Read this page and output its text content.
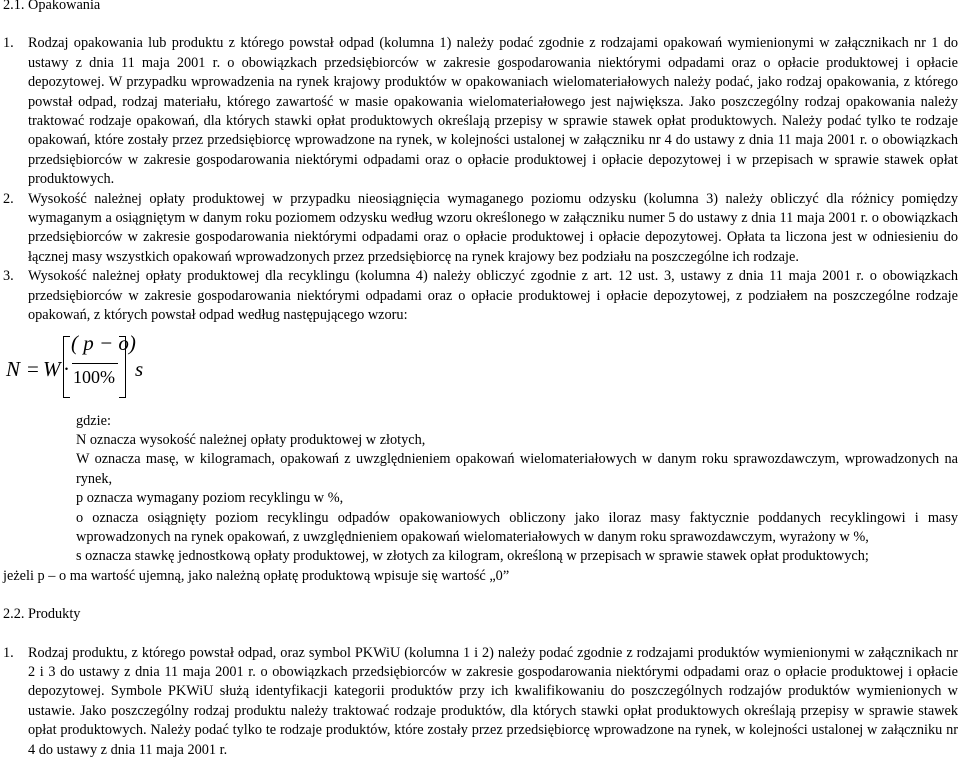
2.1. Opakowania
1. Rodzaj opakowania lub produktu z którego powstał odpad (kolumna 1) należy podać zgodnie z rodzajami opakowań wymienionymi w załącznikach nr 1 do ustawy z dnia 11 maja 2001 r. o obowiązkach przedsiębiorców w zakresie gospodarowania niektórymi odpadami oraz o opłacie produktowej i opłacie depozytowej. W przypadku wprowadzenia na rynek krajowy produktów w opakowaniach wielomateriałowych należy podać, jako rodzaj opakowania, z którego powstał odpad, rodzaj materiału, którego zawartość w masie opakowania wielomateriałowego jest największa. Jako poszczególny rodzaj opakowania należy traktować rodzaje opakowań, dla których stawki opłat produktowych określają przepisy w sprawie stawek opłat produktowych. Należy podać tylko te rodzaje opakowań, które zostały przez przedsiębiorcę wprowadzone na rynek, w kolejności ustalonej w załączniku nr 4 do ustawy z dnia 11 maja 2001 r. o obowiązkach przedsiębiorców w zakresie gospodarowania niektórymi odpadami oraz o opłacie produktowej i opłacie depozytowej i w przepisach w sprawie stawek opłat produktowych.
2. Wysokość należnej opłaty produktowej w przypadku nieosiągnięcia wymaganego poziomu odzysku (kolumna 3) należy obliczyć dla różnicy pomiędzy wymaganym a osiągniętym w danym roku poziomem odzysku według wzoru określonego w załączniku numer 5 do ustawy z dnia 11 maja 2001 r. o obowiązkach przedsiębiorców w zakresie gospodarowania niektórymi odpadami oraz o opłacie produktowej i opłacie depozytowej. Opłata ta liczona jest w odniesieniu do łącznej masy wszystkich opakowań wprowadzonych przez przedsiębiorcę na rynek krajowy bez podziału na poszczególne ich rodzaje.
3. Wysokość należnej opłaty produktowej dla recyklingu (kolumna 4) należy obliczyć zgodnie z art. 12 ust. 3, ustawy z dnia 11 maja 2001 r. o obowiązkach przedsiębiorców w zakresie gospodarowania niektórymi odpadami oraz o opłacie produktowej i opłacie depozytowej, z podziałem na poszczególne rodzaje opakowań, z których powstał odpad według następującego wzoru:
N = W ·
( p − o)
100% s
gdzie:
N oznacza wysokość należnej opłaty produktowej w złotych,
W oznacza masę, w kilogramach, opakowań z uwzględnieniem opakowań wielomateriałowych w danym roku sprawozdawczym, wprowadzonych na rynek,
p oznacza wymagany poziom recyklingu w %,
o oznacza osiągnięty poziom recyklingu odpadów opakowaniowych obliczony jako iloraz masy faktycznie poddanych recyklingowi i masy wprowadzonych na rynek opakowań, z uwzględnieniem opakowań wielomateriałowych w danym roku sprawozdawczym, wyrażony w %,
s oznacza stawkę jednostkową opłaty produktowej, w złotych za kilogram, określoną w przepisach w sprawie stawek opłat produktowych;
jeżeli p – o ma wartość ujemną, jako należną opłatę produktową wpisuje się wartość „0”
2.2. Produkty
1. Rodzaj produktu, z którego powstał odpad, oraz symbol PKWiU (kolumna 1 i 2) należy podać zgodnie z rodzajami produktów wymienionymi w załącznikach nr 2 i 3 do ustawy z dnia 11 maja 2001 r. o obowiązkach przedsiębiorców w zakresie gospodarowania niektórymi odpadami oraz o opłacie produktowej i opłacie depozytowej. Symbole PKWiU służą identyfikacji kategorii produktów przy ich kwalifikowaniu do poszczególnych rodzajów produktów wymienionych w ustawie. Jako poszczególny rodzaj produktu należy traktować rodzaje produktów, dla których stawki opłat produktowych określają przepisy w sprawie stawek opłat produktowych. Należy podać tylko te rodzaje produktów, które zostały przez przedsiębiorcę wprowadzone na rynek, w kolejności ustalonej w załączniku nr 4 do ustawy z dnia 11 maja 2001 r.
